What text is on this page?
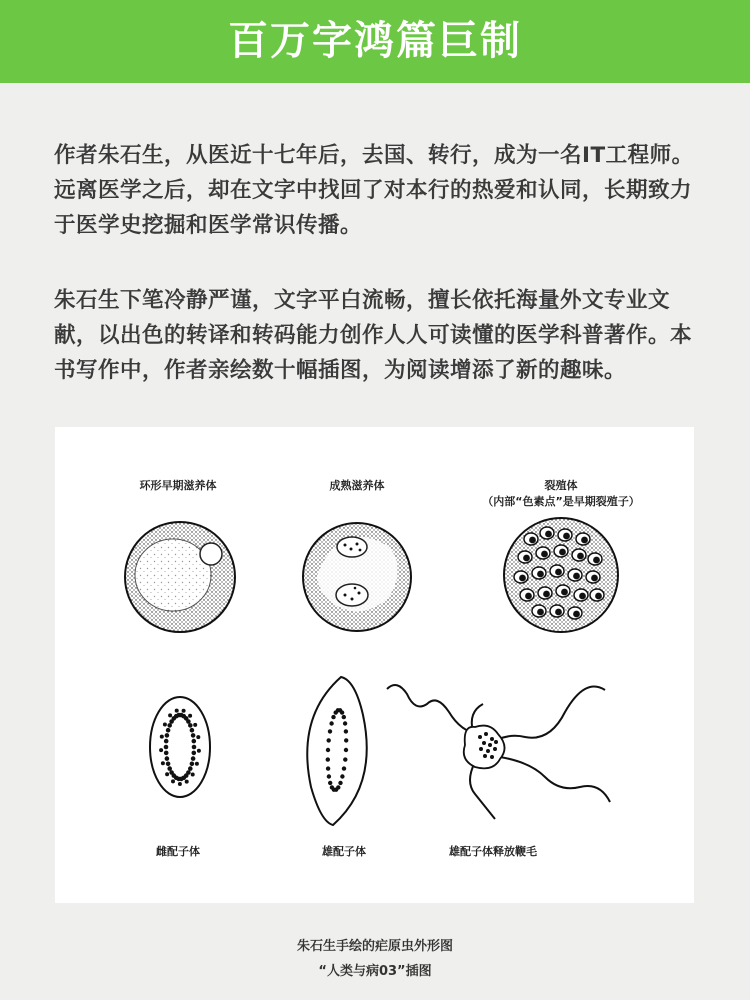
百万字鸿篇巨制
作者朱石生，从医近十七年后，去国、转行，成为一名IT工程师。远离医学之后，却在文字中找回了对本行的热爱和认同，长期致力于医学史挖掘和医学常识传播。
朱石生下笔冷静严谨，文字平白流畅，擅长依托海量外文专业文献，以出色的转译和转码能力创作人人可读懂的医学科普著作。本书写作中，作者亲绘数十幅插图，为阅读增添了新的趣味。
环形早期滋养体	成熟滋养体	裂殖体
（内部“色素点”是早期裂殖子）
雌配子体	雄配子体	雄配子体释放鞭毛
朱石生手绘的疟原虫外形图
“人类与病03”插图
